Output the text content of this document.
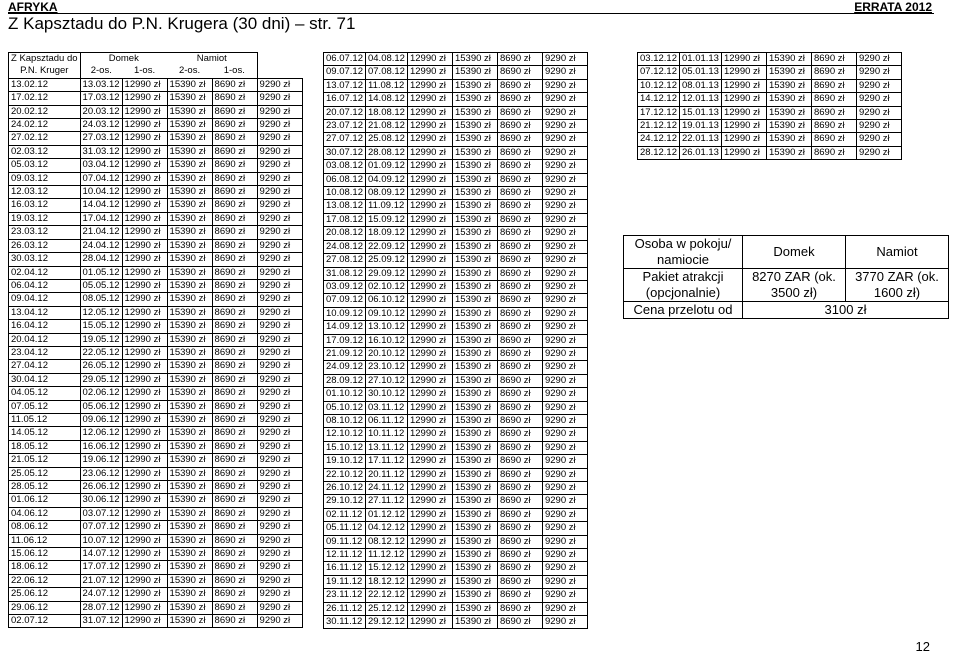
AFRYKA	ERRATA 2012
Z Kapsztadu do P.N. Krugera (30 dni) – str. 71
Z Kapsztadu do	Domek		Namiot		
P.N. Kruger	2-os.	1-os.	2-os.	1-os.	
13.02.12	13.03.12	12990 zł	15390 zł	8690 zł	9290 zł
17.02.12	17.03.12	12990 zł	15390 zł	8690 zł	9290 zł
20.02.12	20.03.12	12990 zł	15390 zł	8690 zł	9290 zł
24.02.12	24.03.12	12990 zł	15390 zł	8690 zł	9290 zł
27.02.12	27.03.12	12990 zł	15390 zł	8690 zł	9290 zł
02.03.12	31.03.12	12990 zł	15390 zł	8690 zł	9290 zł
05.03.12	03.04.12	12990 zł	15390 zł	8690 zł	9290 zł
09.03.12	07.04.12	12990 zł	15390 zł	8690 zł	9290 zł
12.03.12	10.04.12	12990 zł	15390 zł	8690 zł	9290 zł
16.03.12	14.04.12	12990 zł	15390 zł	8690 zł	9290 zł
19.03.12	17.04.12	12990 zł	15390 zł	8690 zł	9290 zł
23.03.12	21.04.12	12990 zł	15390 zł	8690 zł	9290 zł
26.03.12	24.04.12	12990 zł	15390 zł	8690 zł	9290 zł
30.03.12	28.04.12	12990 zł	15390 zł	8690 zł	9290 zł
02.04.12	01.05.12	12990 zł	15390 zł	8690 zł	9290 zł
06.04.12	05.05.12	12990 zł	15390 zł	8690 zł	9290 zł
09.04.12	08.05.12	12990 zł	15390 zł	8690 zł	9290 zł
13.04.12	12.05.12	12990 zł	15390 zł	8690 zł	9290 zł
16.04.12	15.05.12	12990 zł	15390 zł	8690 zł	9290 zł
20.04.12	19.05.12	12990 zł	15390 zł	8690 zł	9290 zł
23.04.12	22.05.12	12990 zł	15390 zł	8690 zł	9290 zł
27.04.12	26.05.12	12990 zł	15390 zł	8690 zł	9290 zł
30.04.12	29.05.12	12990 zł	15390 zł	8690 zł	9290 zł
04.05.12	02.06.12	12990 zł	15390 zł	8690 zł	9290 zł
07.05.12	05.06.12	12990 zł	15390 zł	8690 zł	9290 zł
11.05.12	09.06.12	12990 zł	15390 zł	8690 zł	9290 zł
14.05.12	12.06.12	12990 zł	15390 zł	8690 zł	9290 zł
18.05.12	16.06.12	12990 zł	15390 zł	8690 zł	9290 zł
21.05.12	19.06.12	12990 zł	15390 zł	8690 zł	9290 zł
25.05.12	23.06.12	12990 zł	15390 zł	8690 zł	9290 zł
28.05.12	26.06.12	12990 zł	15390 zł	8690 zł	9290 zł
01.06.12	30.06.12	12990 zł	15390 zł	8690 zł	9290 zł
04.06.12	03.07.12	12990 zł	15390 zł	8690 zł	9290 zł
08.06.12	07.07.12	12990 zł	15390 zł	8690 zł	9290 zł
11.06.12	10.07.12	12990 zł	15390 zł	8690 zł	9290 zł
15.06.12	14.07.12	12990 zł	15390 zł	8690 zł	9290 zł
18.06.12	17.07.12	12990 zł	15390 zł	8690 zł	9290 zł
22.06.12	21.07.12	12990 zł	15390 zł	8690 zł	9290 zł
25.06.12	24.07.12	12990 zł	15390 zł	8690 zł	9290 zł
29.06.12	28.07.12	12990 zł	15390 zł	8690 zł	9290 zł
02.07.12	31.07.12	12990 zł	15390 zł	8690 zł	9290 zł
06.07.12	04.08.12	12990 zł	15390 zł	8690 zł	9290 zł
09.07.12	07.08.12	12990 zł	15390 zł	8690 zł	9290 zł
13.07.12	11.08.12	12990 zł	15390 zł	8690 zł	9290 zł
16.07.12	14.08.12	12990 zł	15390 zł	8690 zł	9290 zł
20.07.12	18.08.12	12990 zł	15390 zł	8690 zł	9290 zł
23.07.12	21.08.12	12990 zł	15390 zł	8690 zł	9290 zł
27.07.12	25.08.12	12990 zł	15390 zł	8690 zł	9290 zł
30.07.12	28.08.12	12990 zł	15390 zł	8690 zł	9290 zł
03.08.12	01.09.12	12990 zł	15390 zł	8690 zł	9290 zł
06.08.12	04.09.12	12990 zł	15390 zł	8690 zł	9290 zł
10.08.12	08.09.12	12990 zł	15390 zł	8690 zł	9290 zł
13.08.12	11.09.12	12990 zł	15390 zł	8690 zł	9290 zł
17.08.12	15.09.12	12990 zł	15390 zł	8690 zł	9290 zł
20.08.12	18.09.12	12990 zł	15390 zł	8690 zł	9290 zł
24.08.12	22.09.12	12990 zł	15390 zł	8690 zł	9290 zł
27.08.12	25.09.12	12990 zł	15390 zł	8690 zł	9290 zł
31.08.12	29.09.12	12990 zł	15390 zł	8690 zł	9290 zł
03.09.12	02.10.12	12990 zł	15390 zł	8690 zł	9290 zł
07.09.12	06.10.12	12990 zł	15390 zł	8690 zł	9290 zł
10.09.12	09.10.12	12990 zł	15390 zł	8690 zł	9290 zł
14.09.12	13.10.12	12990 zł	15390 zł	8690 zł	9290 zł
17.09.12	16.10.12	12990 zł	15390 zł	8690 zł	9290 zł
21.09.12	20.10.12	12990 zł	15390 zł	8690 zł	9290 zł
24.09.12	23.10.12	12990 zł	15390 zł	8690 zł	9290 zł
28.09.12	27.10.12	12990 zł	15390 zł	8690 zł	9290 zł
01.10.12	30.10.12	12990 zł	15390 zł	8690 zł	9290 zł
05.10.12	03.11.12	12990 zł	15390 zł	8690 zł	9290 zł
08.10.12	06.11.12	12990 zł	15390 zł	8690 zł	9290 zł
12.10.12	10.11.12	12990 zł	15390 zł	8690 zł	9290 zł
15.10.12	13.11.12	12990 zł	15390 zł	8690 zł	9290 zł
19.10.12	17.11.12	12990 zł	15390 zł	8690 zł	9290 zł
22.10.12	20.11.12	12990 zł	15390 zł	8690 zł	9290 zł
26.10.12	24.11.12	12990 zł	15390 zł	8690 zł	9290 zł
29.10.12	27.11.12	12990 zł	15390 zł	8690 zł	9290 zł
02.11.12	01.12.12	12990 zł	15390 zł	8690 zł	9290 zł
05.11.12	04.12.12	12990 zł	15390 zł	8690 zł	9290 zł
09.11.12	08.12.12	12990 zł	15390 zł	8690 zł	9290 zł
12.11.12	11.12.12	12990 zł	15390 zł	8690 zł	9290 zł
16.11.12	15.12.12	12990 zł	15390 zł	8690 zł	9290 zł
19.11.12	18.12.12	12990 zł	15390 zł	8690 zł	9290 zł
23.11.12	22.12.12	12990 zł	15390 zł	8690 zł	9290 zł
26.11.12	25.12.12	12990 zł	15390 zł	8690 zł	9290 zł
30.11.12	29.12.12	12990 zł	15390 zł	8690 zł	9290 zł
03.12.12	01.01.13	12990 zł	15390 zł	8690 zł	9290 zł
07.12.12	05.01.13	12990 zł	15390 zł	8690 zł	9290 zł
10.12.12	08.01.13	12990 zł	15390 zł	8690 zł	9290 zł
14.12.12	12.01.13	12990 zł	15390 zł	8690 zł	9290 zł
17.12.12	15.01.13	12990 zł	15390 zł	8690 zł	9290 zł
21.12.12	19.01.13	12990 zł	15390 zł	8690 zł	9290 zł
24.12.12	22.01.13	12990 zł	15390 zł	8690 zł	9290 zł
28.12.12	26.01.13	12990 zł	15390 zł	8690 zł	9290 zł
Osoba w pokoju/ namiocie	Domek	Namiot
Pakiet atrakcji (opcjonalnie)	8270 ZAR (ok. 3500 zł)	3770 ZAR (ok. 1600 zł)
Cena przelotu od	3100 zł	
12
